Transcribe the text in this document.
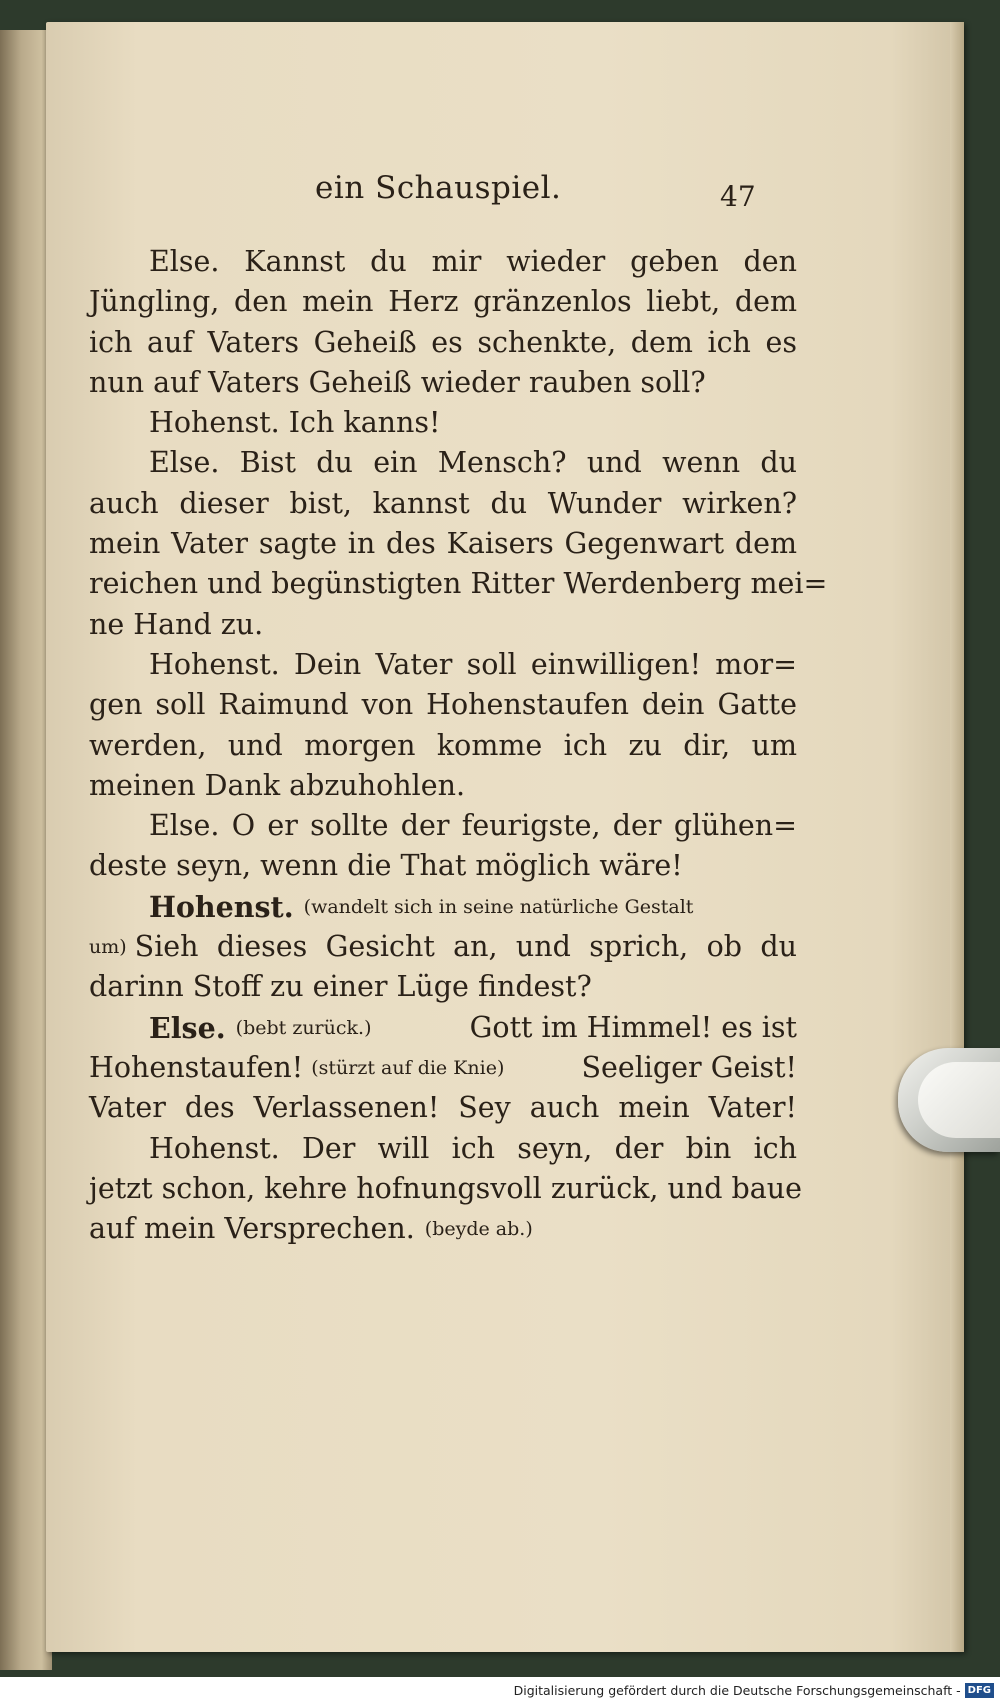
ein Schauspiel.	47
Else. Kannst du mir wieder geben den
Jüngling, den mein Herz gränzenlos liebt, dem
ich auf Vaters Geheiß es schenkte, dem ich es
nun auf Vaters Geheiß wieder rauben soll?
Hohenst. Ich kanns!
Else. Bist du ein Mensch? und wenn du
auch dieser bist, kannst du Wunder wirken?
mein Vater sagte in des Kaisers Gegenwart dem
reichen und begünstigten Ritter Werdenberg mei=
ne Hand zu.
Hohenst. Dein Vater soll einwilligen! mor=
gen soll Raimund von Hohenstaufen dein Gatte
werden, und morgen komme ich zu dir, um
meinen Dank abzuhohlen.
Else. O er sollte der feurigste, der glühen=
deste seyn, wenn die That möglich wäre!
Hohenst. (wandelt sich in seine natürliche Gestalt
um) Sieh dieses Gesicht an, und sprich, ob du
darinn Stoff zu einer Lüge findest?
Else. (bebt zurück.)	Gott im Himmel! es ist
Hohenstaufen! (stürzt auf die Knie)	Seeliger Geist!
Vater des Verlassenen! Sey auch mein Vater!
Hohenst. Der will ich seyn, der bin ich
jetzt schon, kehre hofnungsvoll zurück, und baue
auf mein Versprechen. (beyde ab.)
Digitalisierung gefördert durch die Deutsche Forschungsgemeinschaft - DFG
